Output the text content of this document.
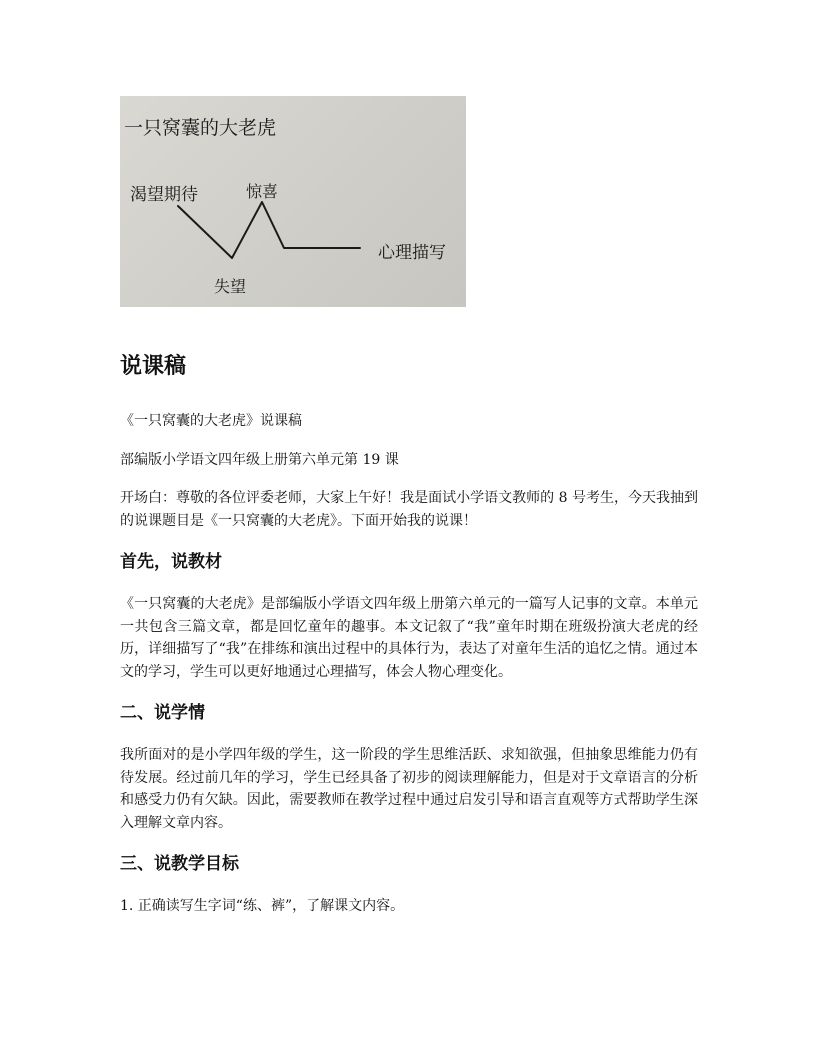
一只窝囊的大老虎
渴望期待	惊喜
失望
心理描写
说课稿

《一只窝囊的大老虎》说课稿

部编版小学语文四年级上册第六单元第 19 课

开场白：尊敬的各位评委老师，大家上午好！我是面试小学语文教师的 8 号考生，今天我抽到的说课题目是《一只窝囊的大老虎》。下面开始我的说课！

首先，说教材

《一只窝囊的大老虎》是部编版小学语文四年级上册第六单元的一篇写人记事的文章。本单元一共包含三篇文章，都是回忆童年的趣事。本文记叙了“我”童年时期在班级扮演大老虎的经历，详细描写了“我”在排练和演出过程中的具体行为，表达了对童年生活的追忆之情。通过本文的学习，学生可以更好地通过心理描写，体会人物心理变化。

二、说学情

我所面对的是小学四年级的学生，这一阶段的学生思维活跃、求知欲强，但抽象思维能力仍有待发展。经过前几年的学习，学生已经具备了初步的阅读理解能力，但是对于文章语言的分析和感受力仍有欠缺。因此，需要教师在教学过程中通过启发引导和语言直观等方式帮助学生深入理解文章内容。

三、说教学目标

1. 正确读写生字词“练、裤”，了解课文内容。
